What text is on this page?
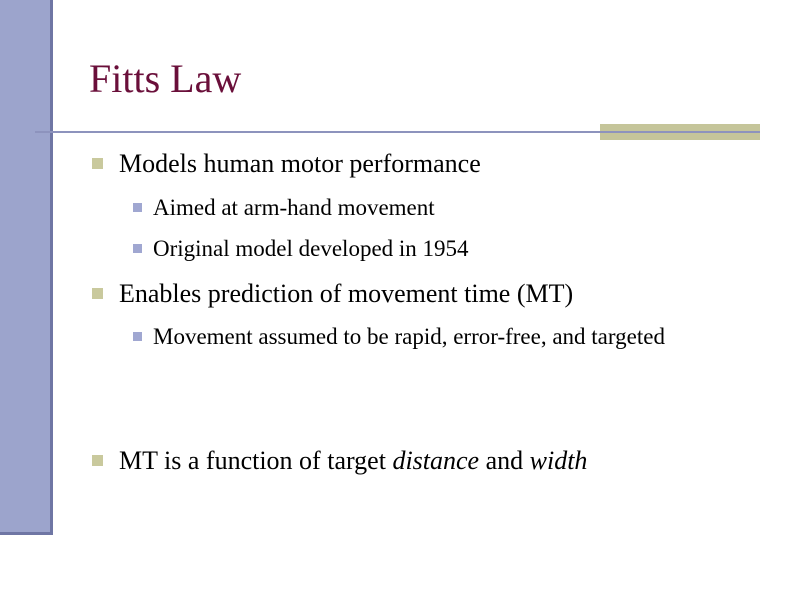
Fitts Law
Models human motor performance
Aimed at arm-hand movement
Original model developed in 1954
Enables prediction of movement time (MT)
Movement assumed to be rapid, error-free, and targeted
MT is a function of target distance and width
